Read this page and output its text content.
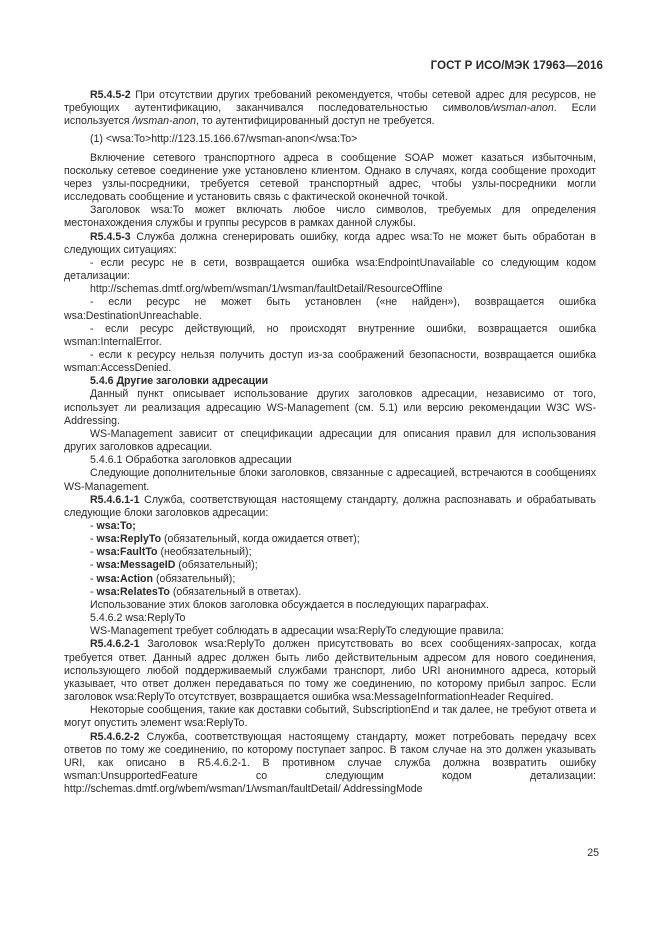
ГОСТ Р ИСО/МЭК 17963—2016

R5.4.5-2 При отсутствии других требований рекомендуется, чтобы сетевой адрес для ресурсов, не требующих аутентификацию, заканчивался последовательностью символов/wsman-anon. Если используется /wsman-anon, то аутентифицированный доступ не требуется.

(1) <wsa:To>http://123.15.166.67/wsman-anon</wsa:To>

Включение сетевого транспортного адреса в сообщение SOAP может казаться избыточным, поскольку сетевое соединение уже установлено клиентом. Однако в случаях, когда сообщение проходит через узлы-посредники, требуется сетевой транспортный адрес, чтобы узлы-посредники могли исследовать сообщение и установить связь с фактической оконечной точкой.

Заголовок wsa:To может включать любое число символов, требуемых для определения местонахождения службы и группы ресурсов в рамках данной службы.

R5.4.5-3 Служба должна сгенерировать ошибку, когда адрес wsa:To не может быть обработан в следующих ситуациях:

- если ресурс не в сети, возвращается ошибка wsa:EndpointUnavailable со следующим кодом детализации:

http://schemas.dmtf.org/wbem/wsman/1/wsman/faultDetail/ResourceOffline

- если ресурс не может быть установлен («не найден»), возвращается ошибка wsa:DestinationUnreachable.

- если ресурс действующий, но происходят внутренние ошибки, возвращается ошибка wsman:InternalError.

- если к ресурсу нельзя получить доступ из-за соображений безопасности, возвращается ошибка wsman:AccessDenied.

5.4.6 Другие заголовки адресации

Данный пункт описывает использование других заголовков адресации, независимо от того, использует ли реализация адресацию WS-Management (см. 5.1) или версию рекомендации W3C WS-Addressing.

WS-Management зависит от спецификации адресации для описания правил для использования других заголовков адресации.

5.4.6.1 Обработка заголовков адресации

Следующие дополнительные блоки заголовков, связанные с адресацией, встречаются в сообщениях WS-Management.

R5.4.6.1-1 Служба, соответствующая настоящему стандарту, должна распознавать и обрабатывать следующие блоки заголовков адресации:

- wsa:To;

- wsa:ReplyTo (обязательный, когда ожидается ответ);

- wsa:FaultTo (необязательный);

- wsa:MessageID (обязательный);

- wsa:Action (обязательный);

- wsa:RelatesTo (обязательный в ответах).

Использование этих блоков заголовка обсуждается в последующих параграфах.

5.4.6.2 wsa:ReplyTo

WS-Management требует соблюдать в адресации wsa:ReplyTo следующие правила:

R5.4.6.2-1 Заголовок wsa:ReplyTo должен присутствовать во всех сообщениях-запросах, когда требуется ответ. Данный адрес должен быть либо действительным адресом для нового соединения, использующего любой поддерживаемый службами транспорт, либо URI анонимного адреса, который указывает, что ответ должен передаваться по тому же соединению, по которому прибыл запрос. Если заголовок wsa:ReplyTo отсутствует, возвращается ошибка wsa:MessageInformationHeader Required.

Некоторые сообщения, такие как доставки событий, SubscriptionEnd и так далее, не требуют ответа и могут опустить элемент wsa:ReplyTo.

R5.4.6.2-2 Служба, соответствующая настоящему стандарту, может потребовать передачу всех ответов по тому же соединению, по которому поступает запрос. В таком случае на это должен указывать URI, как описано в R5.4.6.2-1. В противном случае служба должна возвратить ошибку wsman:UnsupportedFeature со следующим кодом детализации: http://schemas.dmtf.org/wbem/wsman/1/wsman/faultDetail/ AddressingMode

25
